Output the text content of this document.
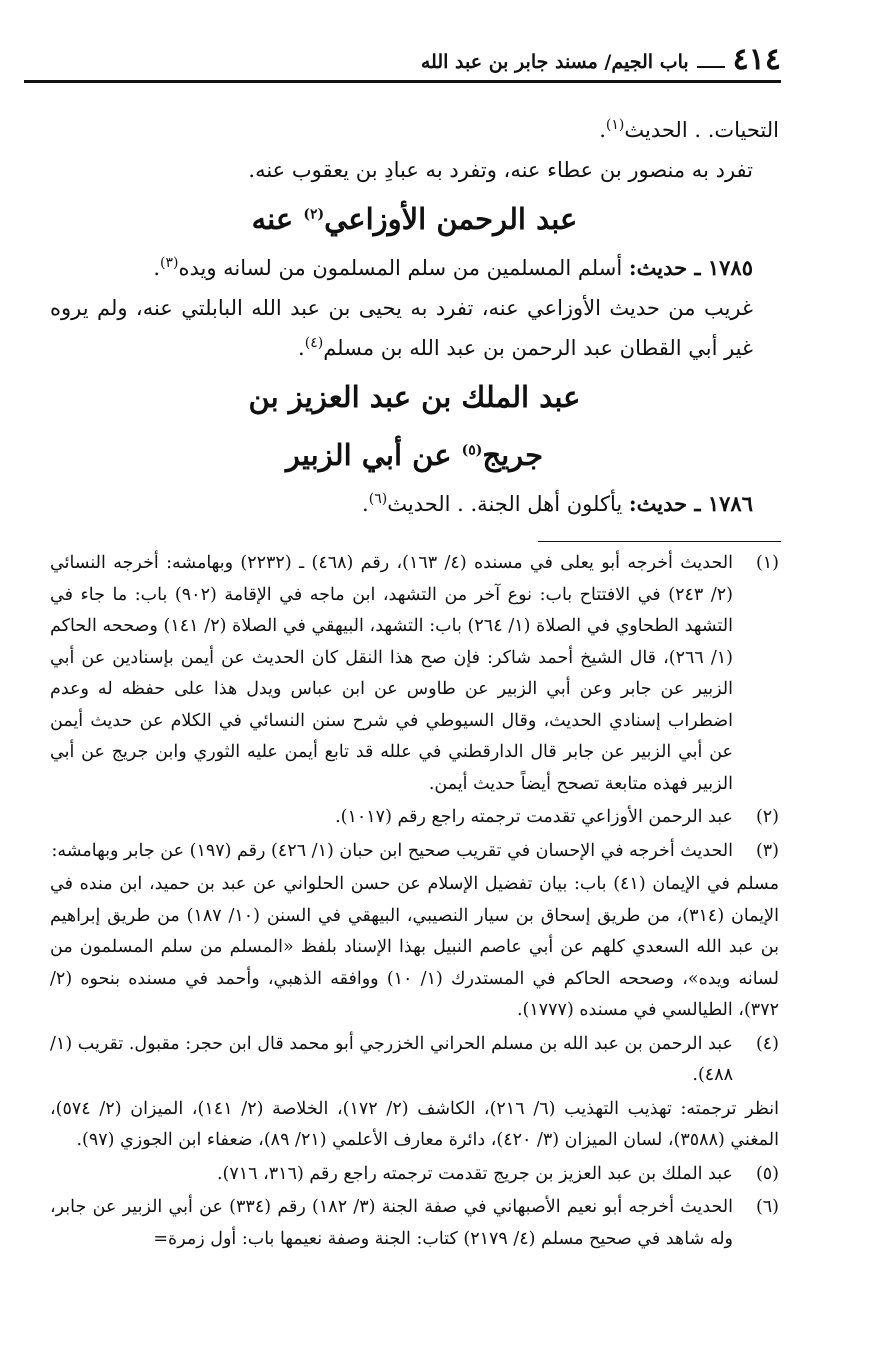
٤١٤
باب الجيم/ مسند جابر بن عبد الله

التحيات. . الحديث$^{(١)}$.

تفرد به منصور بن عطاء عنه، وتفرد به عبادِ بن يعقوب عنه.

عبد الرحمن الأوزاعي$^{(٢)}$ عنه

١٧٨٥ ـ حديث: أسلم المسلمين من سلم المسلمون من لسانه ويده$^{(٣)}$.

غريب من حديث الأوزاعي عنه، تفرد به يحيى بن عبد الله البابلتي عنه، ولم يروه غير أبي القطان عبد الرحمن بن عبد الله بن مسلم$^{(٤)}$.

عبد الملك بن عبد العزيز بن

جريج$^{(٥)}$ عن أبي الزبير

١٧٨٦ ـ حديث: يأكلون أهل الجنة. . الحديث$^{(٦)}$.

(١)
الحديث أخرجه أبو يعلى في مسنده (٤/ ١٦٣)، رقم (٤٦٨) ـ (٢٢٣٢) وبهامشه: أخرجه النسائي (٢/ ٢٤٣) في الافتتاح باب: نوع آخر من التشهد، ابن ماجه في الإقامة (٩٠٢) باب: ما جاء في التشهد الطحاوي في الصلاة (١/ ٢٦٤) باب: التشهد، البيهقي في الصلاة (٢/ ١٤١) وصححه الحاكم (١/ ٢٦٦)، قال الشيخ أحمد شاكر: فإن صح هذا النقل كان الحديث عن أيمن بإسنادين عن أبي الزبير عن جابر وعن أبي الزبير عن طاوس عن ابن عباس ويدل هذا على حفظه له وعدم اضطراب إسنادي الحديث، وقال السيوطي في شرح سنن النسائي في الكلام عن حديث أيمن عن أبي الزبير عن جابر قال الدارقطني في علله قد تابع أيمن عليه الثوري وابن جريج عن أبي الزبير فهذه متابعة تصحح أيضاً حديث أيمن.
(٢)
عبد الرحمن الأوزاعي تقدمت ترجمته راجع رقم (١٠١٧).
(٣)
الحديث أخرجه في الإحسان في تقريب صحيح ابن حبان (١/ ٤٢٦) رقم (١٩٧) عن جابر وبهامشه:
مسلم في الإيمان (٤١) باب: بيان تفضيل الإسلام عن حسن الحلواني عن عبد بن حميد، ابن منده في الإيمان (٣١٤)، من طريق إسحاق بن سيار النصيبي، البيهقي في السنن (١٠/ ١٨٧) من طريق إبراهيم بن عبد الله السعدي كلهم عن أبي عاصم النبيل بهذا الإسناد بلفظ «المسلم من سلم المسلمون من لسانه ويده»، وصححه الحاكم في المستدرك (١/ ١٠) ووافقه الذهبي، وأحمد في مسنده بنحوه (٢/ ٣٧٢)، الطيالسي في مسنده (١٧٧٧).
(٤)
عبد الرحمن بن عبد الله بن مسلم الحراني الخزرجي أبو محمد قال ابن حجر: مقبول. تقريب (١/ ٤٨٨).
انظر ترجمته: تهذيب التهذيب (٦/ ٢١٦)، الكاشف (٢/ ١٧٢)، الخلاصة (٢/ ١٤١)، الميزان (٢/ ٥٧٤)، المغني (٣٥٨٨)، لسان الميزان (٣/ ٤٢٠)، دائرة معارف الأعلمي (٢١/ ٨٩)، ضعفاء ابن الجوزي (٩٧).
(٥)
عبد الملك بن عبد العزيز بن جريج تقدمت ترجمته راجع رقم (٣١٦، ٧١٦).
(٦)
الحديث أخرجه أبو نعيم الأصبهاني في صفة الجنة (٣/ ١٨٢) رقم (٣٣٤) عن أبي الزبير عن جابر، وله شاهد في صحيح مسلم (٤/ ٢١٧٩) كتاب: الجنة وصفة نعيمها باب: أول زمرة=
